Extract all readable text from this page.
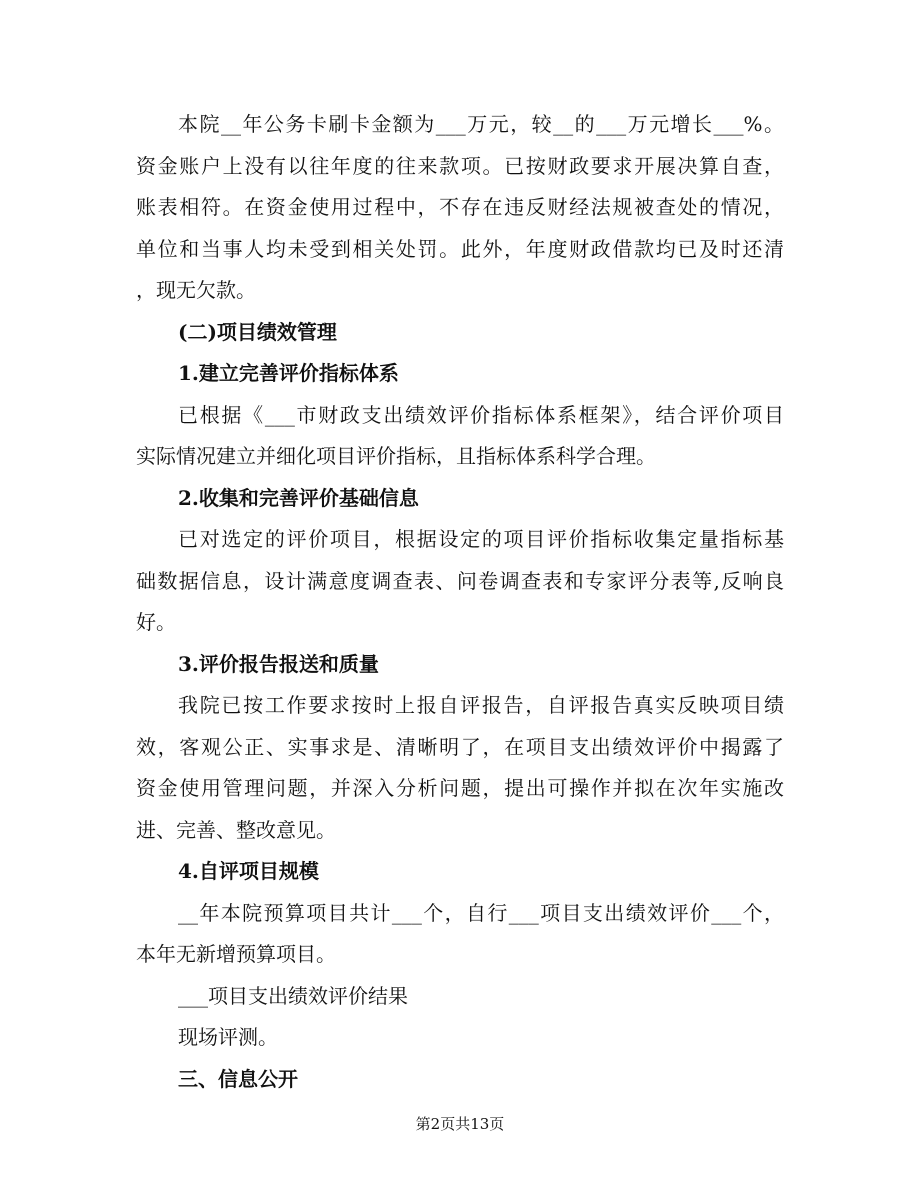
本院__年公务卡刷卡金额为___万元，较__的___万元增长___%。
资金账户上没有以往年度的往来款项。已按财政要求开展决算自查，
账表相符。在资金使用过程中，不存在违反财经法规被查处的情况，
单位和当事人均未受到相关处罚。此外，年度财政借款均已及时还清
，现无欠款。
(二)项目绩效管理
1.建立完善评价指标体系
已根据《___市财政支出绩效评价指标体系框架》，结合评价项目
实际情况建立并细化项目评价指标，且指标体系科学合理。
2.收集和完善评价基础信息
已对选定的评价项目，根据设定的项目评价指标收集定量指标基
础数据信息，设计满意度调查表、问卷调查表和专家评分表等,反响良
好。
3.评价报告报送和质量
我院已按工作要求按时上报自评报告，自评报告真实反映项目绩
效，客观公正、实事求是、清晰明了，在项目支出绩效评价中揭露了
资金使用管理问题，并深入分析问题，提出可操作并拟在次年实施改
进、完善、整改意见。
4.自评项目规模
__年本院预算项目共计___个，自行___项目支出绩效评价___个，
本年无新增预算项目。
___项目支出绩效评价结果
现场评测。
三、信息公开
第2页共13页
